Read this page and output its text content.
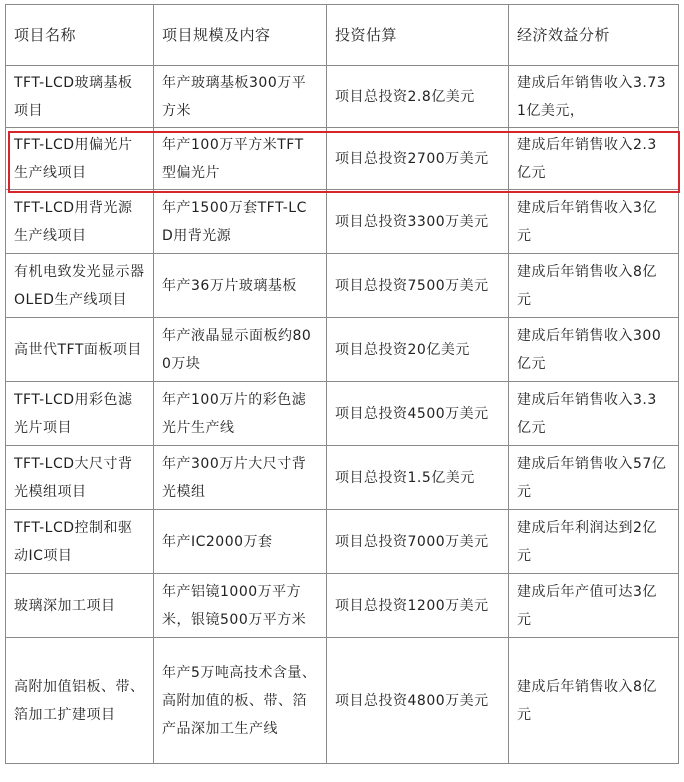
项目名称	项目规模及内容	投资估算	经济效益分析
TFT-LCD玻璃基板项目	年产玻璃基板300万平方米	项目总投资2.8亿美元	建成后年销售收入3.731亿美元，
TFT-LCD用偏光片生产线项目	年产100万平方米TFT型偏光片	项目总投资2700万美元	建成后年销售收入2.3亿元
TFT-LCD用背光源生产线项目	年产1500万套TFT-LCD用背光源	项目总投资3300万美元	建成后年销售收入3亿元
有机电致发光显示器OLED生产线项目	年产36万片玻璃基板	项目总投资7500万美元	建成后年销售收入8亿元
高世代TFT面板项目	年产液晶显示面板约800万块	项目总投资20亿美元	建成后年销售收入300亿元
TFT-LCD用彩色滤光片项目	年产100万片的彩色滤光片生产线	项目总投资4500万美元	建成后年销售收入3.3亿元
TFT-LCD大尺寸背光模组项目	年产300万片大尺寸背光模组	项目总投资1.5亿美元	建成后年销售收入57亿元
TFT-LCD控制和驱动IC项目	年产IC2000万套	项目总投资7000万美元	建成后年利润达到2亿元
玻璃深加工项目	年产铝镜1000万平方米，银镜500万平方米	项目总投资1200万美元	建成后年产值可达3亿元
高附加值铝板、带、箔加工扩建项目	年产5万吨高技术含量、高附加值的板、带、箔产品深加工生产线	项目总投资4800万美元	建成后年销售收入8亿元
